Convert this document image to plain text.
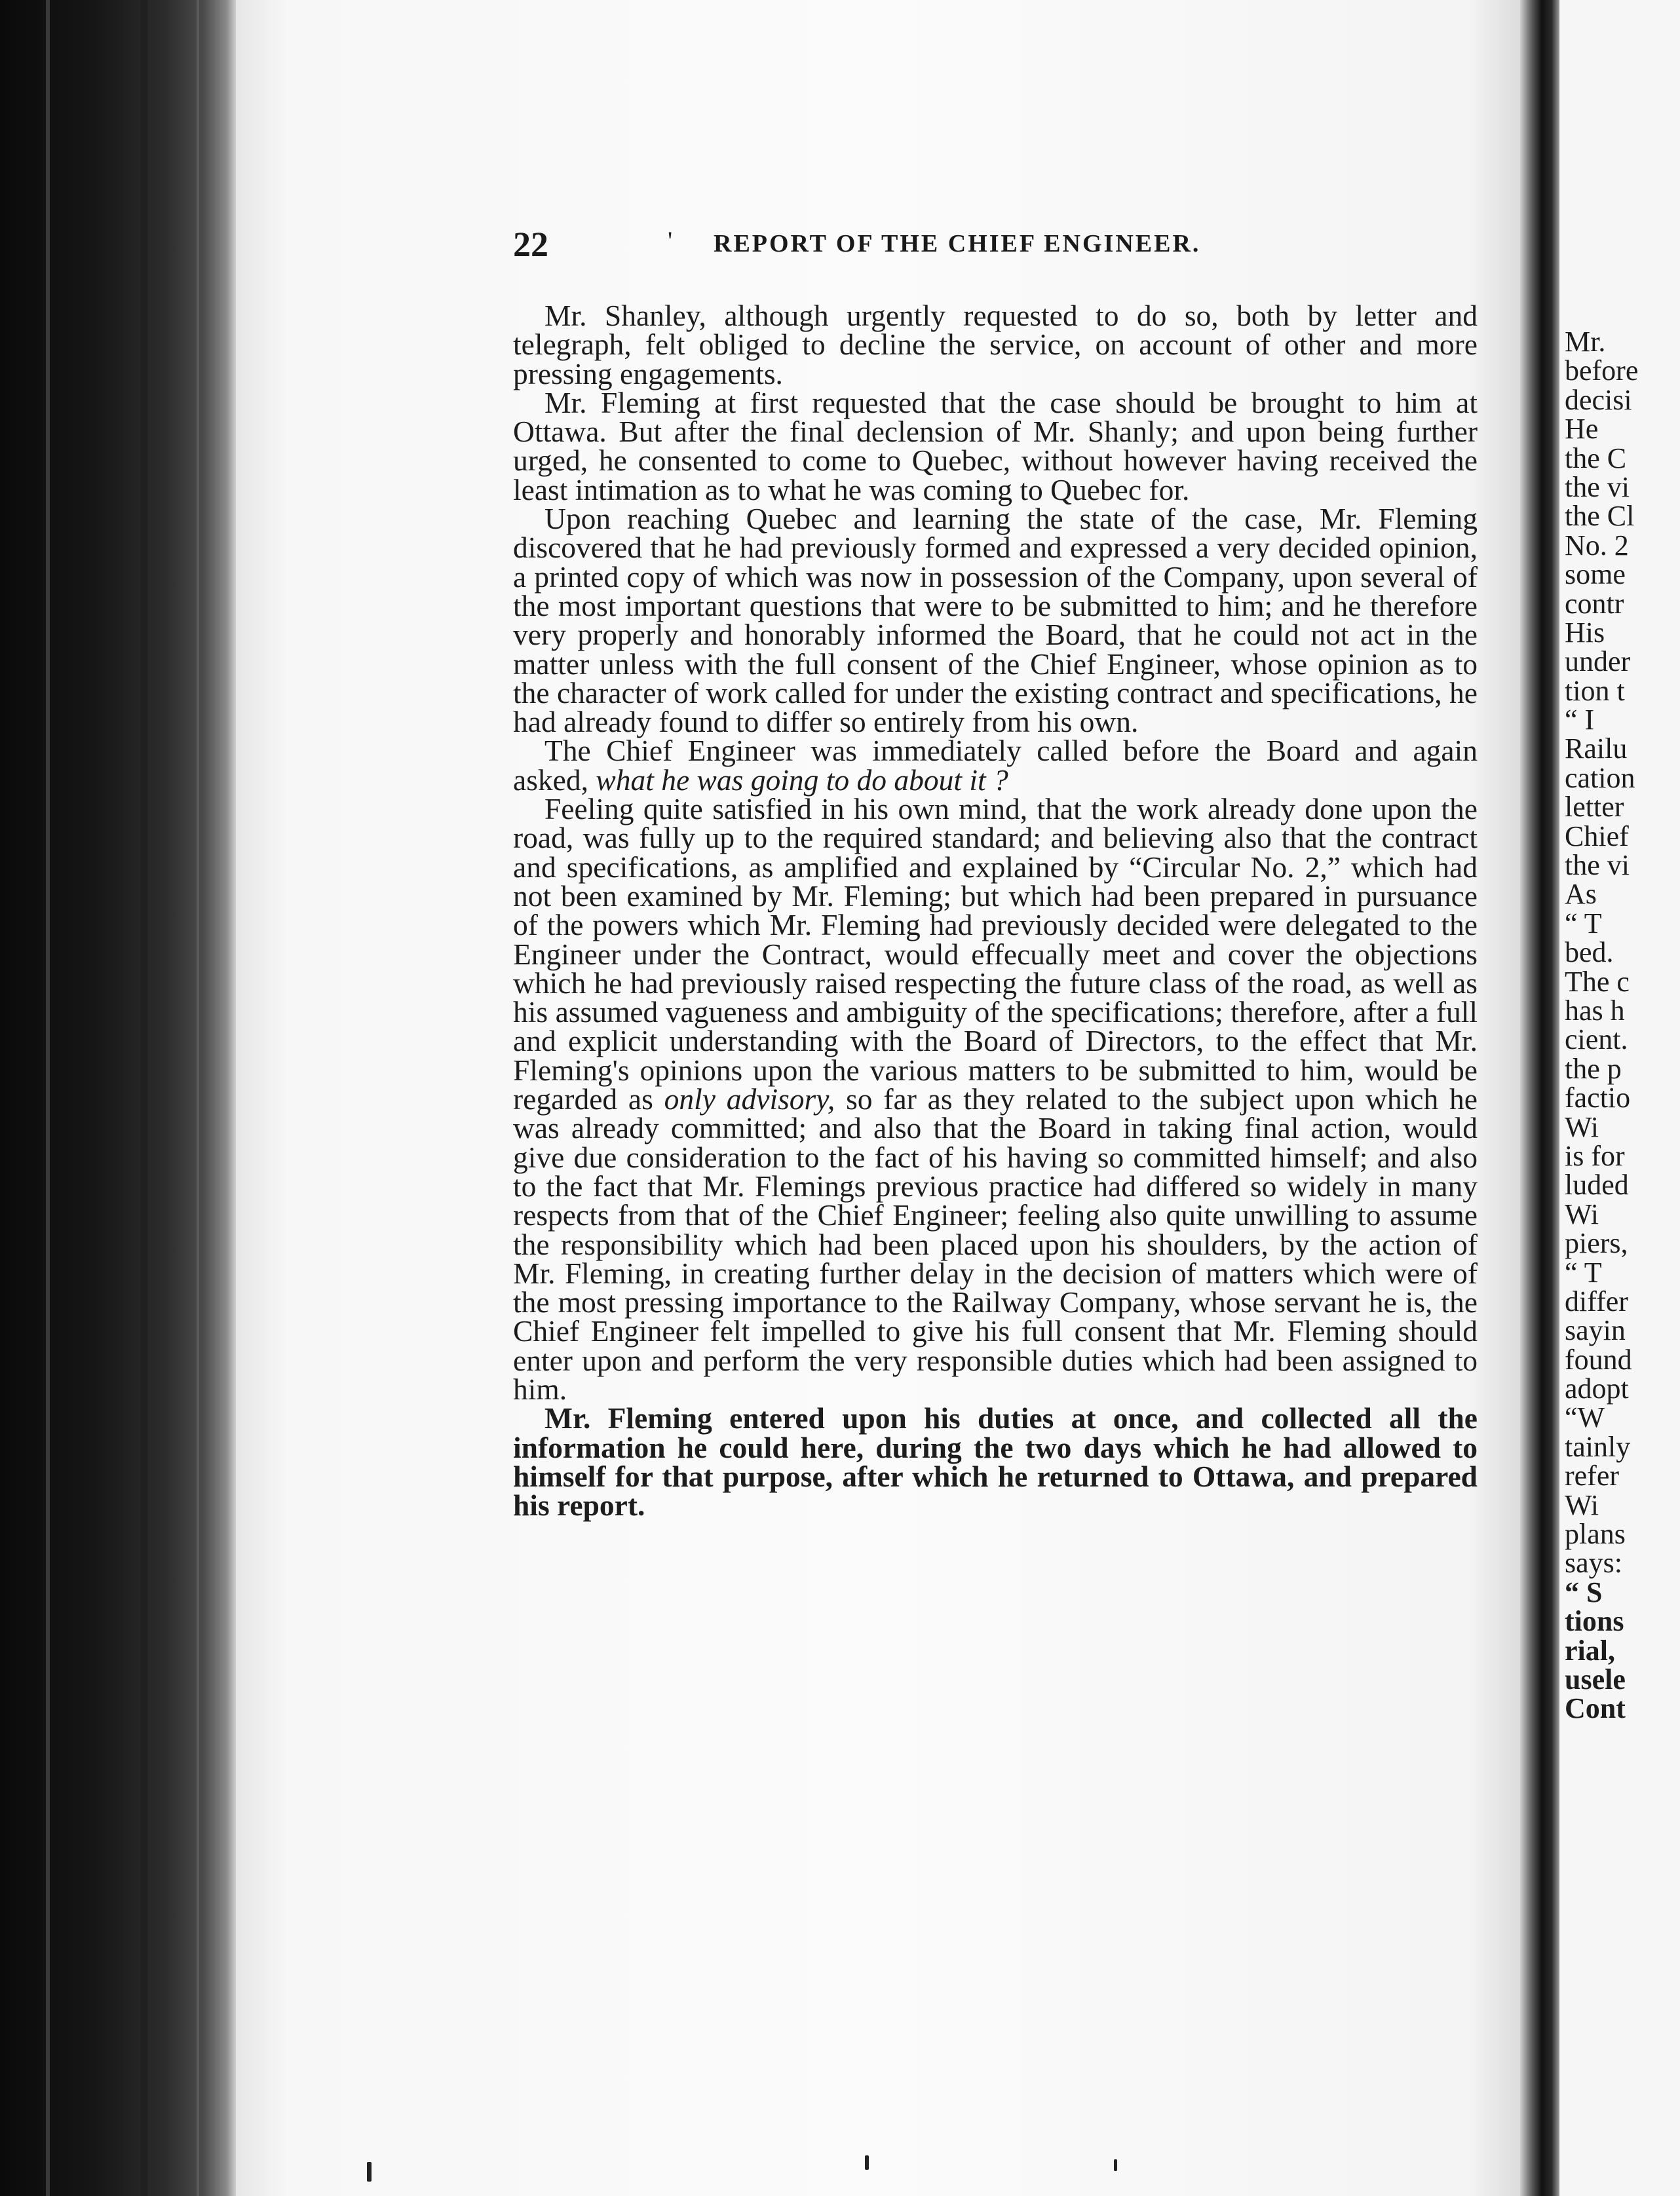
22	' REPORT OF THE CHIEF ENGINEER.

Mr. Shanley, although urgently requested to do so, both by letter and telegraph, felt obliged to decline the service, on account of other and more pressing engagements.

Mr. Fleming at first requested that the case should be brought to him at Ottawa. But after the final declension of Mr. Shanly; and upon being further urged, he consented to come to Quebec, without however having received the least intimation as to what he was coming to Quebec for.

Upon reaching Quebec and learning the state of the case, Mr. Fleming discovered that he had previously formed and expressed a very decided opinion, a printed copy of which was now in possession of the Company, upon several of the most important questions that were to be submitted to him; and he therefore very properly and honorably informed the Board, that he could not act in the matter unless with the full consent of the Chief Engineer, whose opinion as to the character of work called for under the existing contract and specifications, he had already found to differ so entirely from his own.

The Chief Engineer was immediately called before the Board and again asked, what he was going to do about it ?

Feeling quite satisfied in his own mind, that the work already done upon the road, was fully up to the required standard; and believing also that the contract and specifications, as amplified and explained by “Circular No. 2,” which had not been examined by Mr. Fleming; but which had been prepared in pursuance of the powers which Mr. Fleming had previously decided were delegated to the Engineer under the Contract, would effecually meet and cover the objections which he had previously raised respecting the future class of the road, as well as his assumed vagueness and ambiguity of the specifications; therefore, after a full and explicit understanding with the Board of Directors, to the effect that Mr. Fleming's opinions upon the various matters to be submitted to him, would be regarded as only advisory, so far as they related to the subject upon which he was already committed; and also that the Board in taking final action, would give due consideration to the fact of his having so committed himself; and also to the fact that Mr. Flemings previous practice had differed so widely in many respects from that of the Chief Engineer; feeling also quite unwilling to assume the responsibility which had been placed upon his shoulders, by the action of Mr. Fleming, in creating further delay in the decision of matters which were of the most pressing importance to the Railway Company, whose servant he is, the Chief Engineer felt impelled to give his full consent that Mr. Fleming should enter upon and perform the very responsible duties which had been assigned to him.

Mr. Fleming entered upon his duties at once, and collected all the information he could here, during the two days which he had allowed to himself for that purpose, after which he returned to Ottawa, and prepared his report.

Mr.
before
decisi
He
the C
the vi
the Cl
No. 2
some
contr
His
under
tion t
“ I
Railu
cation
letter
Chief
the vi
As
“ T
bed.
The c
has h
cient.
the p
factio
Wi
is for
luded
Wi
piers,
“ T
differ
sayin
found
adopt
“W
tainly
refer
Wi
plans
says:
“ S
tions
rial,
usele
Cont
